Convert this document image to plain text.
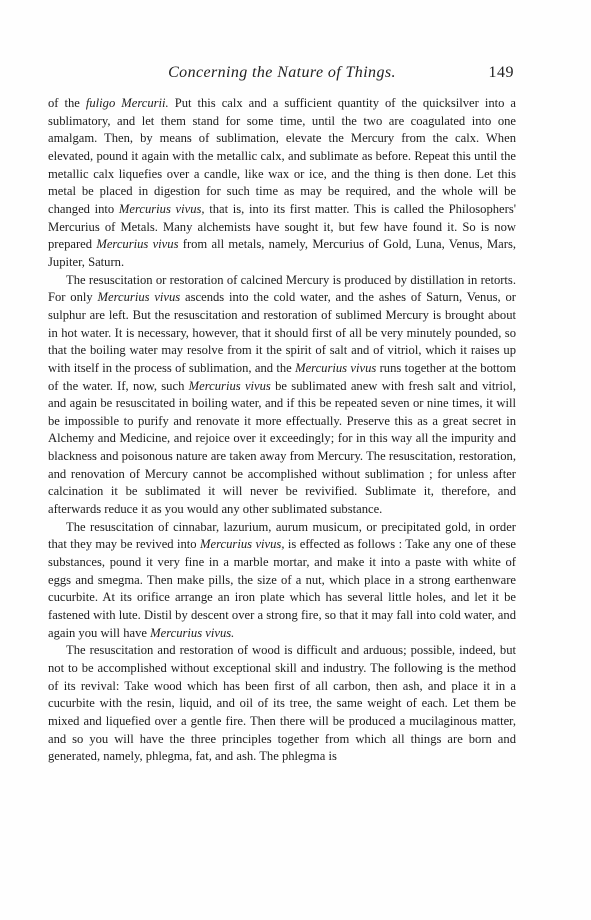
Concerning the Nature of Things.	149

of the fuligo Mercurii. Put this calx and a sufficient quantity of the quicksilver into a sublimatory, and let them stand for some time, until the two are coagulated into one amalgam. Then, by means of sublimation, elevate the Mercury from the calx. When elevated, pound it again with the metallic calx, and sublimate as before. Repeat this until the metallic calx liquefies over a candle, like wax or ice, and the thing is then done. Let this metal be placed in digestion for such time as may be required, and the whole will be changed into Mercurius vivus, that is, into its first matter. This is called the Philosophers' Mercurius of Metals. Many alchemists have sought it, but few have found it. So is now prepared Mercurius vivus from all metals, namely, Mercurius of Gold, Luna, Venus, Mars, Jupiter, Saturn.

The resuscitation or restoration of calcined Mercury is produced by distillation in retorts. For only Mercurius vivus ascends into the cold water, and the ashes of Saturn, Venus, or sulphur are left. But the resuscitation and restoration of sublimed Mercury is brought about in hot water. It is necessary, however, that it should first of all be very minutely pounded, so that the boiling water may resolve from it the spirit of salt and of vitriol, which it raises up with itself in the process of sublimation, and the Mercurius vivus runs together at the bottom of the water. If, now, such Mercurius vivus be sublimated anew with fresh salt and vitriol, and again be resuscitated in boiling water, and if this be repeated seven or nine times, it will be impossible to purify and renovate it more effectually. Preserve this as a great secret in Alchemy and Medicine, and rejoice over it exceedingly; for in this way all the impurity and blackness and poisonous nature are taken away from Mercury. The resuscitation, restoration, and renovation of Mercury cannot be accomplished without sublimation ; for unless after calcination it be sublimated it will never be revivified. Sublimate it, therefore, and afterwards reduce it as you would any other sublimated substance.

The resuscitation of cinnabar, lazurium, aurum musicum, or precipitated gold, in order that they may be revived into Mercurius vivus, is effected as follows : Take any one of these substances, pound it very fine in a marble mortar, and make it into a paste with white of eggs and smegma. Then make pills, the size of a nut, which place in a strong earthenware cucurbite. At its orifice arrange an iron plate which has several little holes, and let it be fastened with lute. Distil by descent over a strong fire, so that it may fall into cold water, and again you will have Mercurius vivus.

The resuscitation and restoration of wood is difficult and arduous; possible, indeed, but not to be accomplished without exceptional skill and industry. The following is the method of its revival: Take wood which has been first of all carbon, then ash, and place it in a cucurbite with the resin, liquid, and oil of its tree, the same weight of each. Let them be mixed and liquefied over a gentle fire. Then there will be produced a mucilaginous matter, and so you will have the three principles together from which all things are born and generated, namely, phlegma, fat, and ash. The phlegma is
